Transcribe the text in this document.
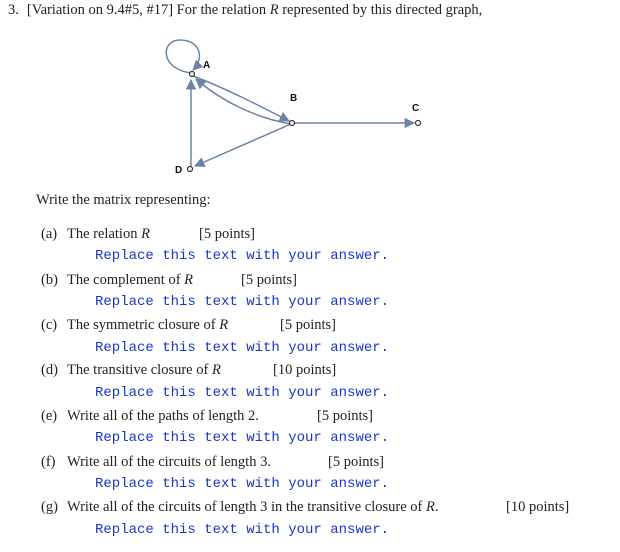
3. [Variation on 9.4#5, #17] For the relation R represented by this directed graph,
A
B
C
D
Write the matrix representing:
(a) The relation R	[5 points]
Replace this text with your answer.
(b) The complement of R	[5 points]
Replace this text with your answer.
(c) The symmetric closure of R	[5 points]
Replace this text with your answer.
(d) The transitive closure of R	[10 points]
Replace this text with your answer.
(e) Write all of the paths of length 2.	[5 points]
Replace this text with your answer.
(f) Write all of the circuits of length 3.	[5 points]
Replace this text with your answer.
(g) Write all of the circuits of length 3 in the transitive closure of R.	[10 points]
Replace this text with your answer.
